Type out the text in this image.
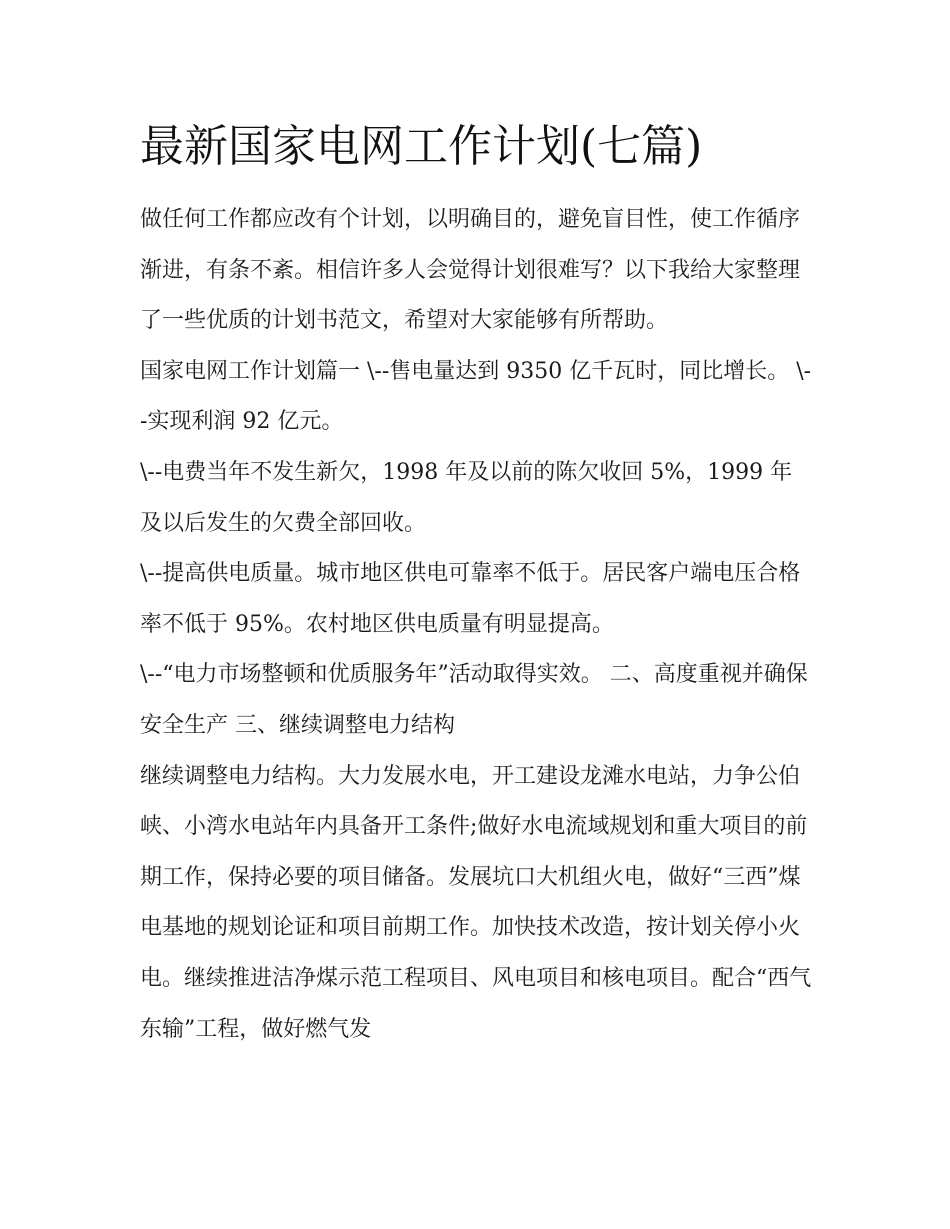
最新国家电网工作计划(七篇)

做任何工作都应改有个计划，以明确目的，避免盲目性，使工作循序渐进，有条不紊。相信许多人会觉得计划很难写？以下我给大家整理了一些优质的计划书范文，希望对大家能够有所帮助。

国家电网工作计划篇一 \--售电量达到 9350 亿千瓦时，同比增长。 \--实现利润 92 亿元。

\--电费当年不发生新欠，1998 年及以前的陈欠收回 5%，1999 年及以后发生的欠费全部回收。

\--提高供电质量。城市地区供电可靠率不低于。居民客户端电压合格率不低于 95%。农村地区供电质量有明显提高。

\--“电力市场整顿和优质服务年”活动取得实效。 二、高度重视并确保安全生产 三、继续调整电力结构

继续调整电力结构。大力发展水电，开工建设龙滩水电站，力争公伯峡、小湾水电站年内具备开工条件;做好水电流域规划和重大项目的前期工作，保持必要的项目储备。发展坑口大机组火电，做好“三西”煤电基地的规划论证和项目前期工作。加快技术改造，按计划关停小火电。继续推进洁净煤示范工程项目、风电项目和核电项目。配合“西气东输”工程，做好燃气发
